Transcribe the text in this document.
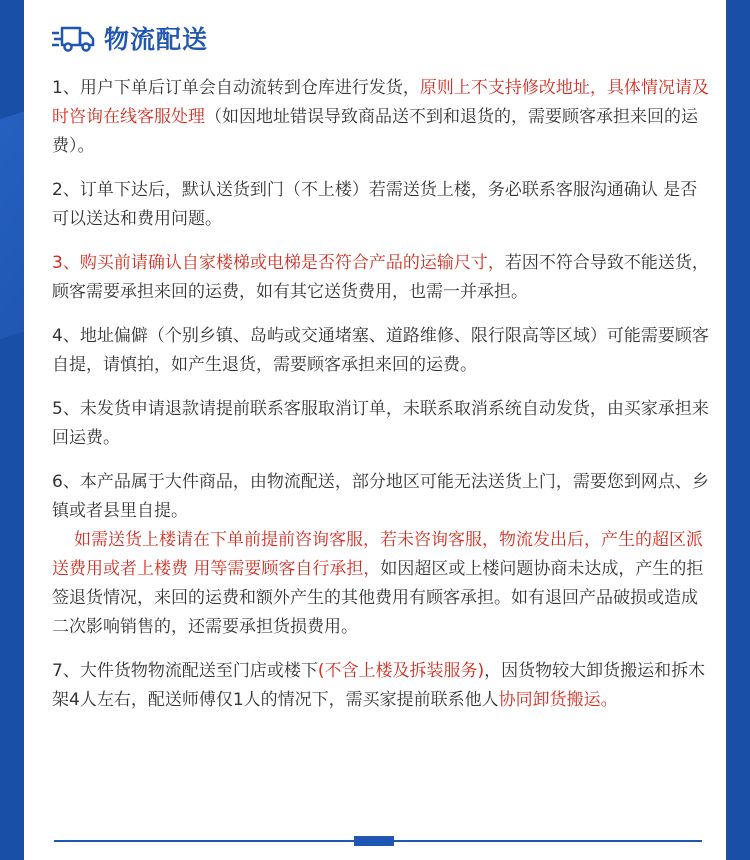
物流配送

1、用户下单后订单会自动流转到仓库进行发货，原则上不支持修改地址，具体情况请及时咨询在线客服处理（如因地址错误导致商品送不到和退货的，需要顾客承担来回的运费）。

2、订单下达后，默认送货到门（不上楼）若需送货上楼，务必联系客服沟通确认 是否可以送达和费用问题。

3、购买前请确认自家楼梯或电梯是否符合产品的运输尺寸，若因不符合导致不能送货，顾客需要承担来回的运费，如有其它送货费用，也需一并承担。

4、地址偏僻（个别乡镇、岛屿或交通堵塞、道路维修、限行限高等区域）可能需要顾客自提，请慎拍，如产生退货，需要顾客承担来回的运费。

5、未发货申请退款请提前联系客服取消订单，未联系取消系统自动发货，由买家承担来回运费。

6、本产品属于大件商品，由物流配送，部分地区可能无法送货上门，需要您到网点、乡镇或者县里自提。
如需送货上楼请在下单前提前咨询客服，若未咨询客服，物流发出后，产生的超区派送费用或者上楼费 用等需要顾客自行承担，如因超区或上楼问题协商未达成，产生的拒签退货情况，来回的运费和额外产生的其他费用有顾客承担。如有退回产品破损或造成二次影响销售的，还需要承担货损费用。

7、大件货物物流配送至门店或楼下(不含上楼及拆装服务)，因货物较大卸货搬运和拆木架4人左右，配送师傅仅1人的情况下，需买家提前联系他人协同卸货搬运。
